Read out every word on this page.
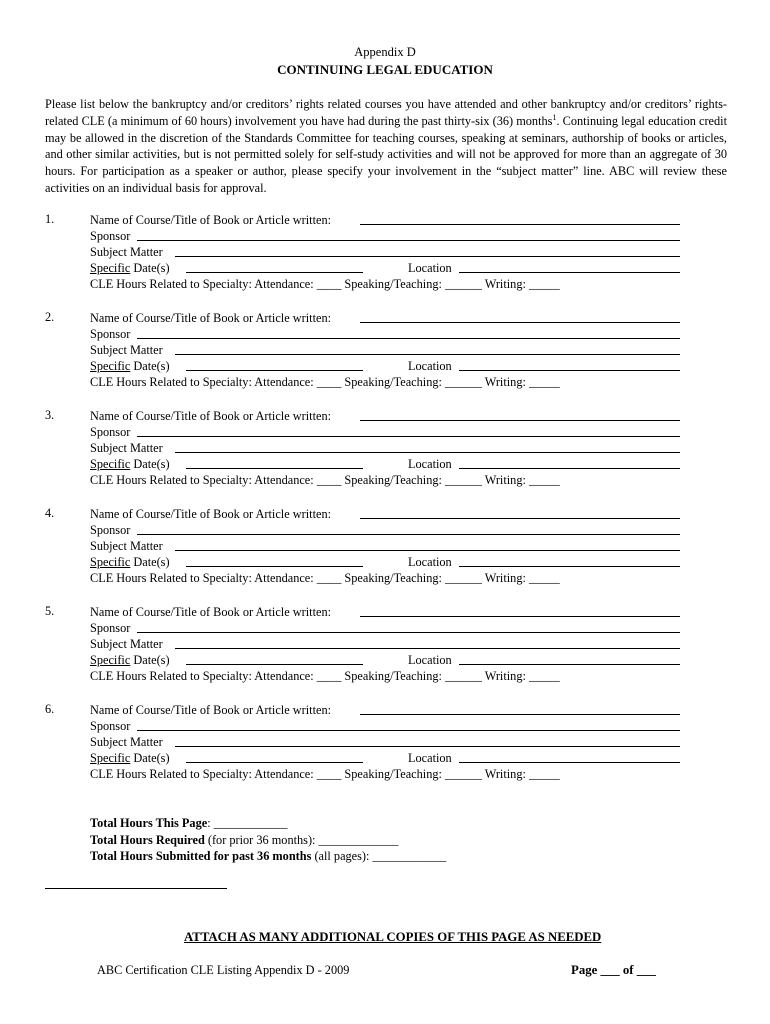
Appendix D
CONTINUING LEGAL EDUCATION
Please list below the bankruptcy and/or creditors’ rights related courses you have attended and other bankruptcy and/or creditors’ rights-related CLE (a minimum of 60 hours) involvement you have had during the past thirty-six (36) months$^1$. Continuing legal education credit may be allowed in the discretion of the Standards Committee for teaching courses, speaking at seminars, authorship of books or articles, and other similar activities, but is not permitted solely for self-study activities and will not be approved for more than an aggregate of 30 hours. For participation as a speaker or author, please specify your involvement in the “subject matter” line. ABC will review these activities on an individual basis for approval.
1.	Name of Course/Title of Book or Article written:
Sponsor
Subject Matter
Specific Date(s)	Location
CLE Hours Related to Specialty: Attendance: ____ Speaking/Teaching: ______ Writing: _____
2.	Name of Course/Title of Book or Article written:
Sponsor
Subject Matter
Specific Date(s)	Location
CLE Hours Related to Specialty: Attendance: ____ Speaking/Teaching: ______ Writing: _____
3.	Name of Course/Title of Book or Article written:
Sponsor
Subject Matter
Specific Date(s)	Location
CLE Hours Related to Specialty: Attendance: ____ Speaking/Teaching: ______ Writing: _____
4.	Name of Course/Title of Book or Article written:
Sponsor
Subject Matter
Specific Date(s)	Location
CLE Hours Related to Specialty: Attendance: ____ Speaking/Teaching: ______ Writing: _____
5.	Name of Course/Title of Book or Article written:
Sponsor
Subject Matter
Specific Date(s)	Location
CLE Hours Related to Specialty: Attendance: ____ Speaking/Teaching: ______ Writing: _____
6.	Name of Course/Title of Book or Article written:
Sponsor
Subject Matter
Specific Date(s)	Location
CLE Hours Related to Specialty: Attendance: ____ Speaking/Teaching: ______ Writing: _____
Total Hours This Page: ____________
Total Hours Required (for prior 36 months): _____________
Total Hours Submitted for past 36 months (all pages): ____________
ATTACH AS MANY ADDITIONAL COPIES OF THIS PAGE AS NEEDED
ABC Certification CLE Listing Appendix D - 2009	Page ___ of ___
